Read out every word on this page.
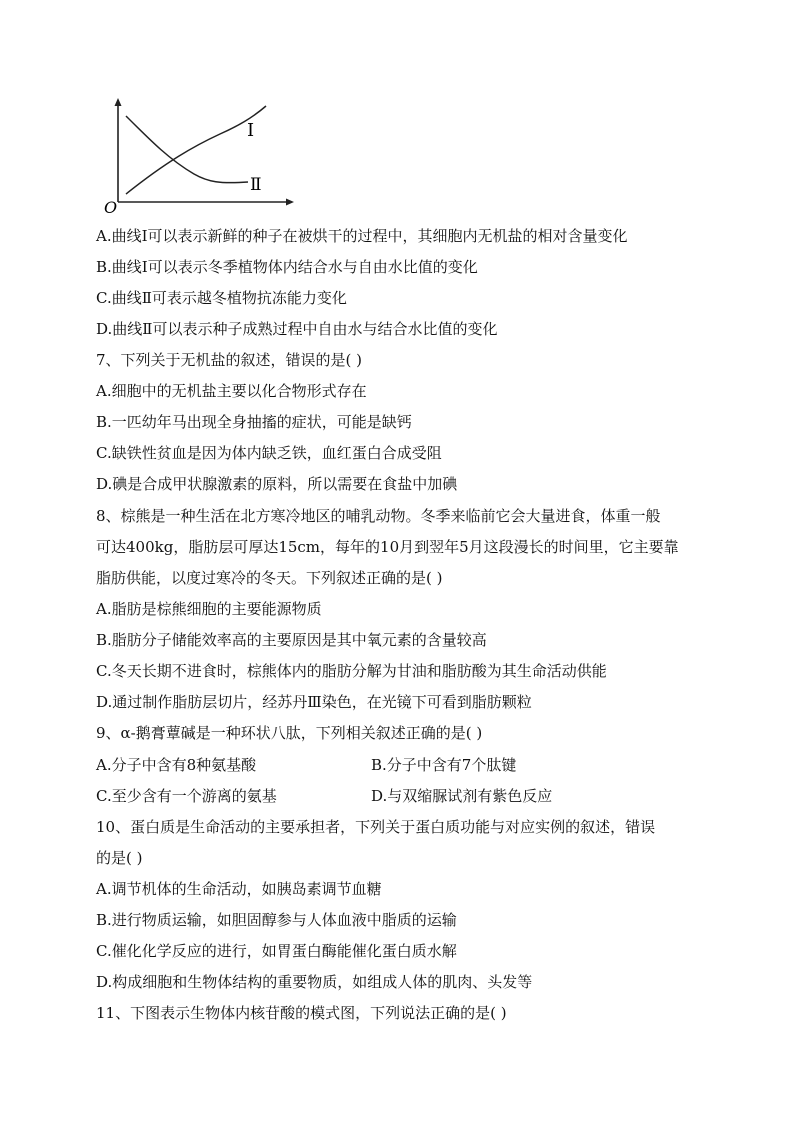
Ⅰ
Ⅱ
O
A.曲线Ⅰ可以表示新鲜的种子在被烘干的过程中，其细胞内无机盐的相对含量变化
B.曲线Ⅰ可以表示冬季植物体内结合水与自由水比值的变化
C.曲线Ⅱ可表示越冬植物抗冻能力变化
D.曲线Ⅱ可以表示种子成熟过程中自由水与结合水比值的变化
7、下列关于无机盐的叙述，错误的是( )
A.细胞中的无机盐主要以化合物形式存在
B.一匹幼年马出现全身抽搐的症状，可能是缺钙
C.缺铁性贫血是因为体内缺乏铁，血红蛋白合成受阻
D.碘是合成甲状腺激素的原料，所以需要在食盐中加碘
8、棕熊是一种生活在北方寒冷地区的哺乳动物。冬季来临前它会大量进食，体重一般
可达400kg，脂肪层可厚达15cm，每年的10月到翌年5月这段漫长的时间里，它主要靠
脂肪供能，以度过寒冷的冬天。下列叙述正确的是( )
A.脂肪是棕熊细胞的主要能源物质
B.脂肪分子储能效率高的主要原因是其中氧元素的含量较高
C.冬天长期不进食时，棕熊体内的脂肪分解为甘油和脂肪酸为其生命活动供能
D.通过制作脂肪层切片，经苏丹Ⅲ染色，在光镜下可看到脂肪颗粒
9、α-鹅膏蕈碱是一种环状八肽，下列相关叙述正确的是( )
A.分子中含有8种氨基酸	B.分子中含有7个肽键
C.至少含有一个游离的氨基	D.与双缩脲试剂有紫色反应
10、蛋白质是生命活动的主要承担者，下列关于蛋白质功能与对应实例的叙述，错误
的是( )
A.调节机体的生命活动，如胰岛素调节血糖
B.进行物质运输，如胆固醇参与人体血液中脂质的运输
C.催化化学反应的进行，如胃蛋白酶能催化蛋白质水解
D.构成细胞和生物体结构的重要物质，如组成人体的肌肉、头发等
11、下图表示生物体内核苷酸的模式图，下列说法正确的是( )
